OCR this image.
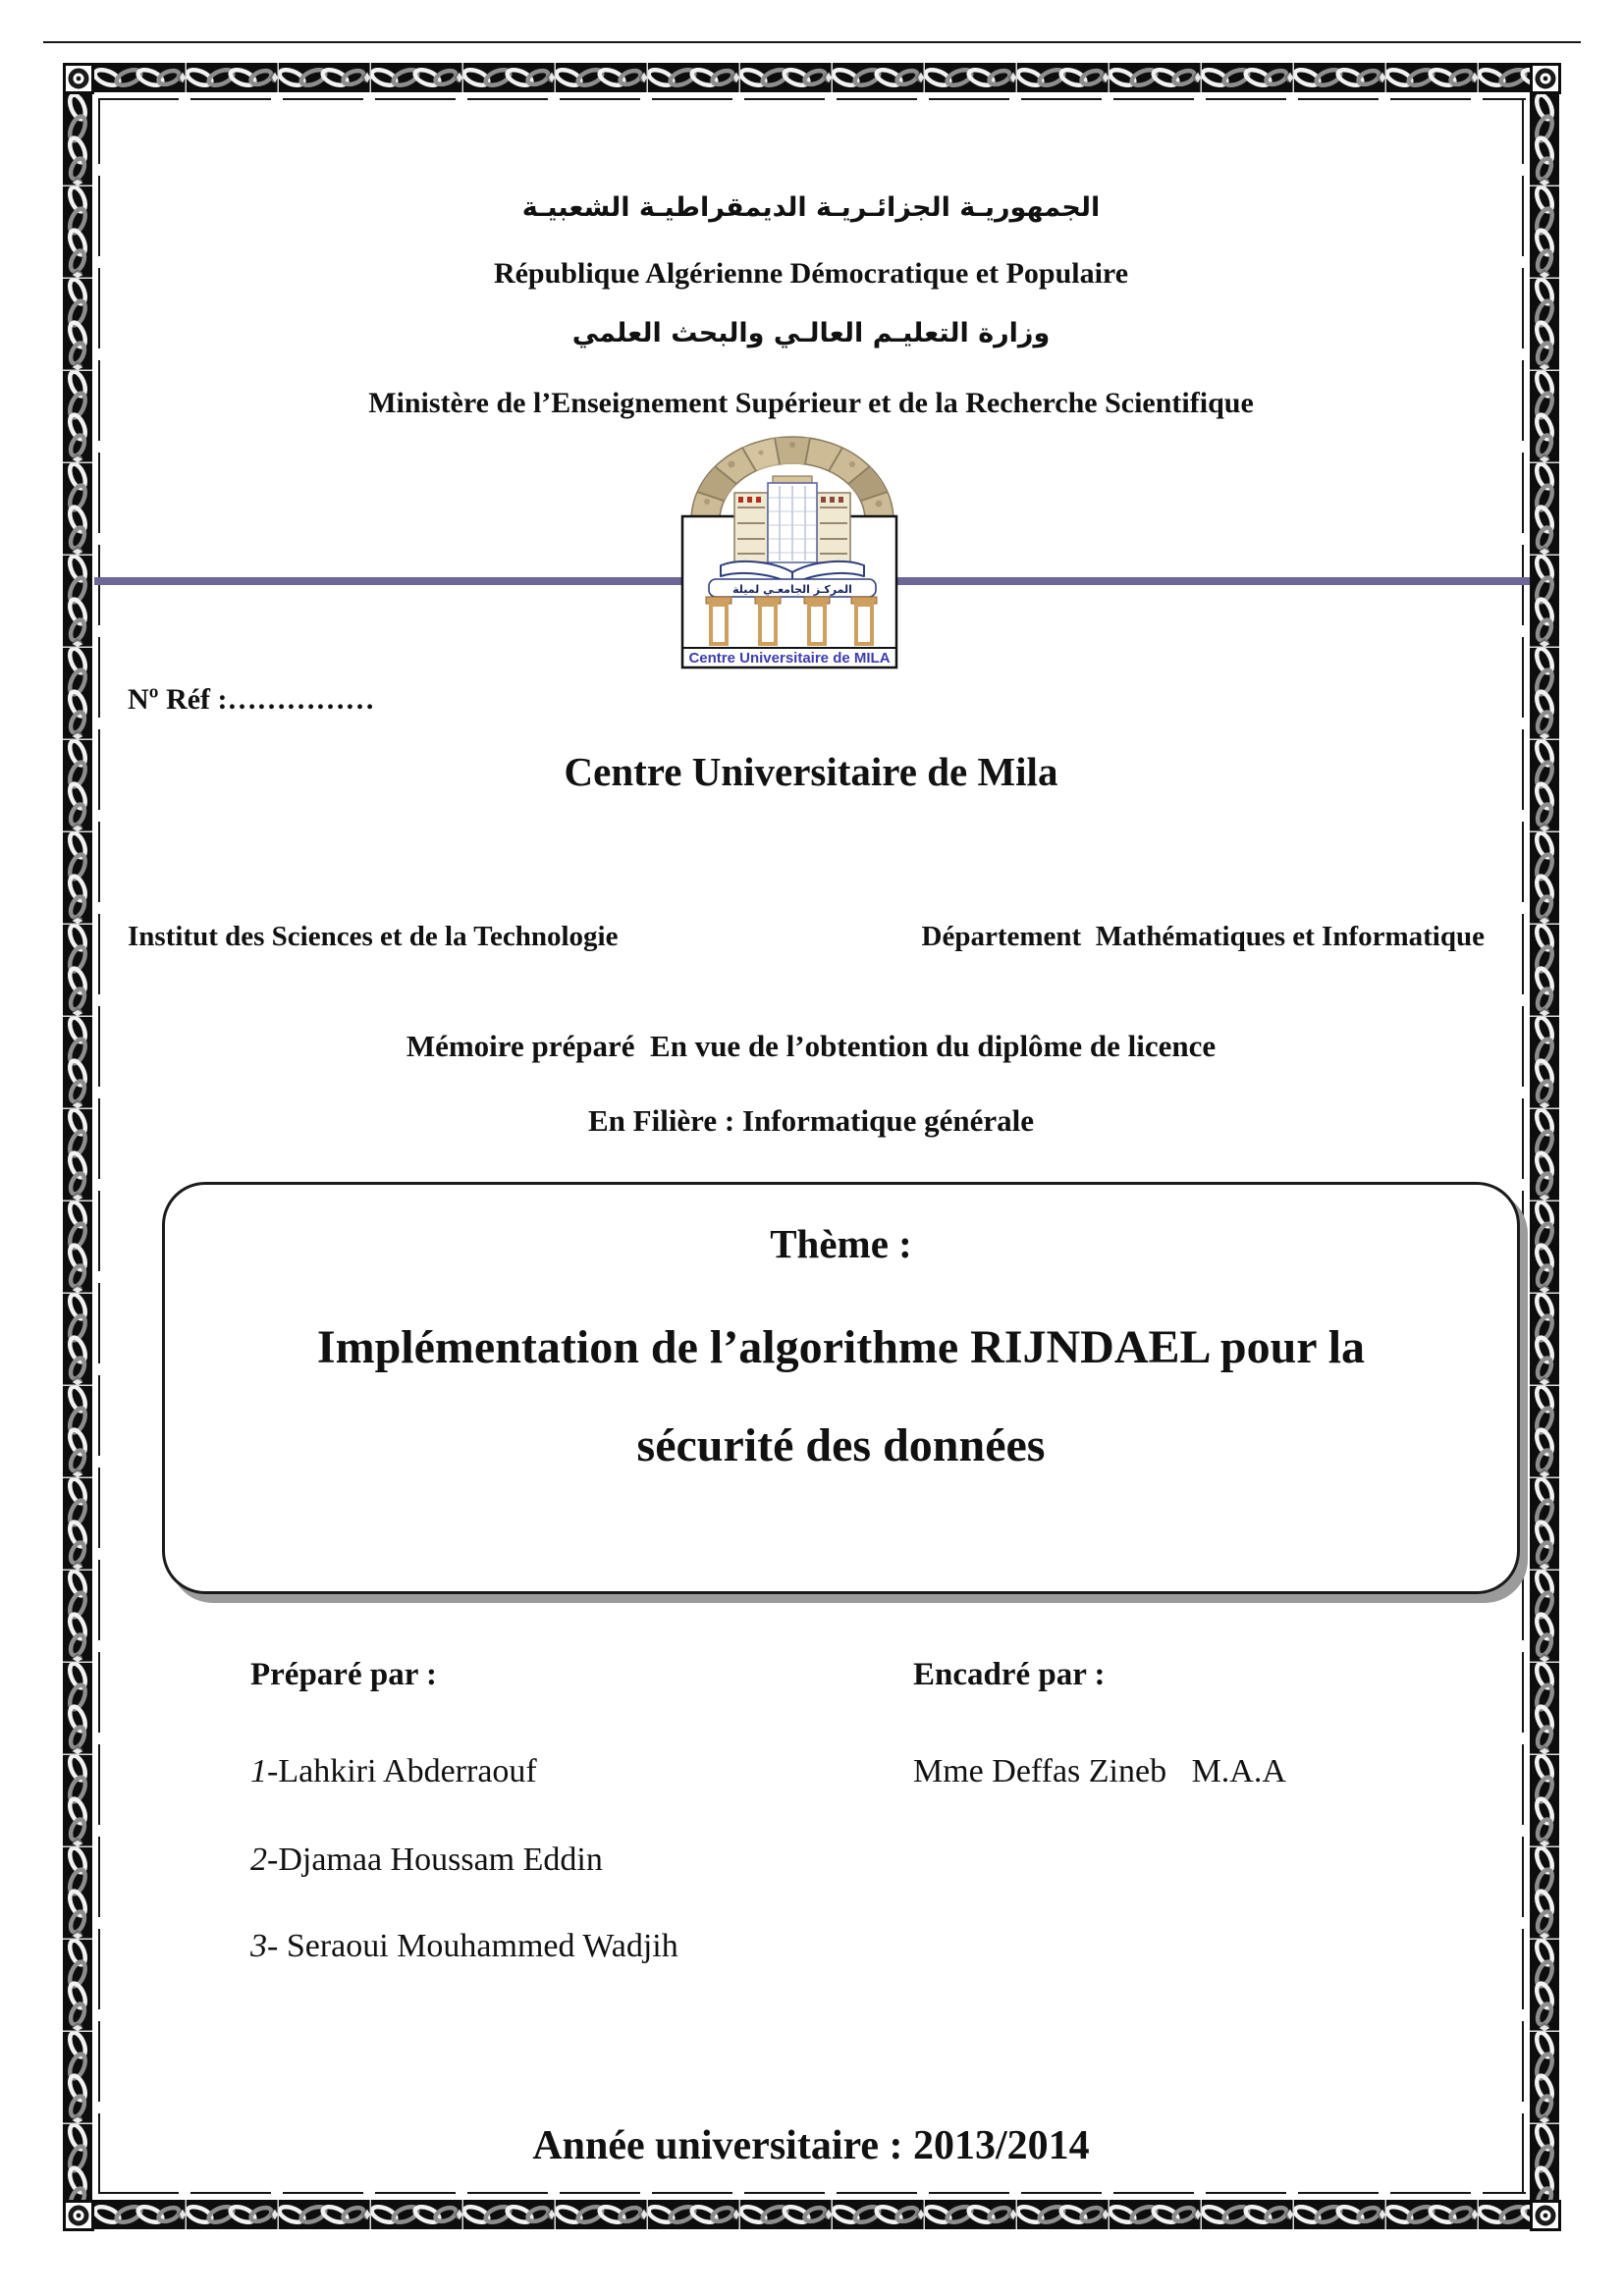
الجمهوريـة الجزائـريـة الديمقراطيـة الشعبيـة
République Algérienne Démocratique et Populaire
وزارة التعليـم العالـي والبحث العلمي
Ministère de l’Enseignement Supérieur et de la Recherche Scientifique
المركـز الجامعـي لميلة
Centre Universitaire de MILA
Nº Réf :……………
Centre Universitaire de Mila
Institut des Sciences et de la Technologie	Département  Mathématiques et Informatique
Mémoire préparé  En vue de l’obtention du diplôme de licence
En Filière : Informatique générale
Thème :
Implémentation de l’algorithme RIJNDAEL pour la
sécurité des données
Préparé par :	Encadré par :
1-Lahkiri Abderraouf
2-Djamaa Houssam Eddin
3- Seraoui Mouhammed Wadjih
Mme Deffas Zineb   M.A.A
Année universitaire : 2013/2014
